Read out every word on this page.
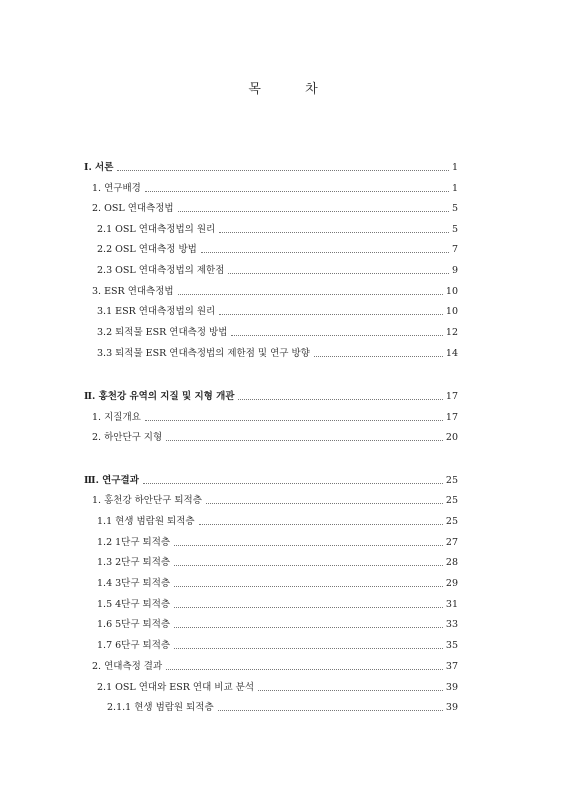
목 차
Ⅰ. 서론	1
1. 연구배경	1
2. OSL 연대측정법	5
2.1 OSL 연대측정법의 원리	5
2.2 OSL 연대측정 방법	7
2.3 OSL 연대측정법의 제한점	9
3. ESR 연대측정법	10
3.1 ESR 연대측정법의 원리	10
3.2 퇴적물 ESR 연대측정 방법	12
3.3 퇴적물 ESR 연대측정법의 제한점 및 연구 방향	14
Ⅱ. 홍천강 유역의 지질 및 지형 개관	17
1. 지질개요	17
2. 하안단구 지형	20
Ⅲ. 연구결과	25
1. 홍천강 하안단구 퇴적층	25
1.1 현생 범람원 퇴적층	25
1.2 1단구 퇴적층	27
1.3 2단구 퇴적층	28
1.4 3단구 퇴적층	29
1.5 4단구 퇴적층	31
1.6 5단구 퇴적층	33
1.7 6단구 퇴적층	35
2. 연대측정 결과	37
2.1 OSL 연대와 ESR 연대 비교 분석	39
2.1.1 현생 범람원 퇴적층	39
